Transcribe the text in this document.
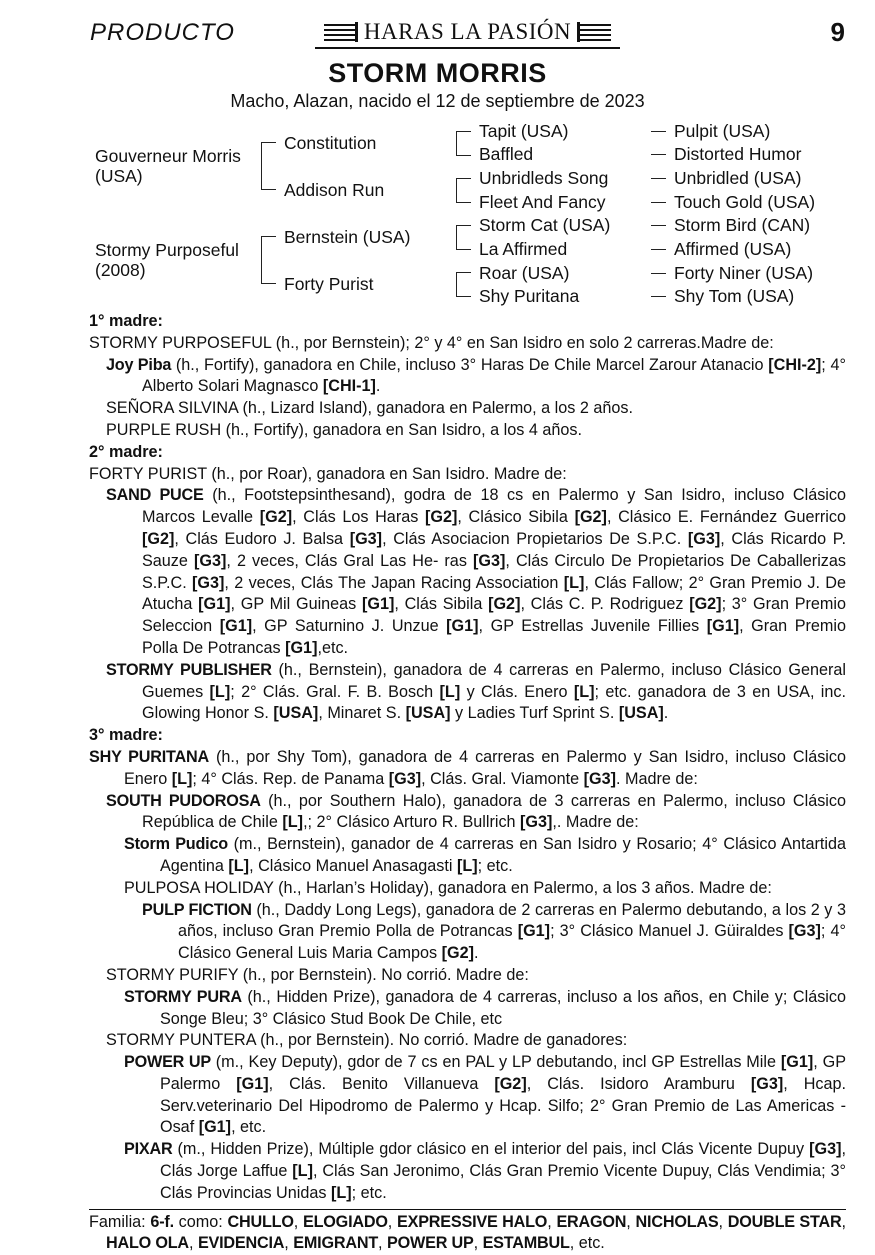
PRODUCTO	HARAS LA PASIÓN	9
STORM MORRIS
Macho, Alazan, nacido el 12 de septiembre de 2023
Gouverneur Morris
(USA)
Stormy Purposeful
(2008)
Constitution
Addison Run
Bernstein (USA)
Forty Purist
Tapit (USA)
Baffled
Unbridleds Song
Fleet And Fancy
Storm Cat (USA)
La Affirmed
Roar (USA)
Shy Puritana
Pulpit (USA)
Distorted Humor
Unbridled (USA)
Touch Gold (USA)
Storm Bird (CAN)
Affirmed (USA)
Forty Niner (USA)
Shy Tom (USA)

1° madre:

STORMY PURPOSEFUL (h., por Bernstein); 2° y 4° en San Isidro en solo 2 carreras.Madre de:

Joy Piba (h., Fortify), ganadora en Chile, incluso 3° Haras De Chile Marcel Zarour Atanacio [CHI-2]; 4° Alberto Solari Magnasco [CHI-1].

SEÑORA SILVINA (h., Lizard Island), ganadora en Palermo, a los 2 años.

PURPLE RUSH (h., Fortify), ganadora en San Isidro, a los 4 años.

2° madre:

FORTY PURIST (h., por Roar), ganadora en San Isidro. Madre de:

SAND PUCE (h., Footstepsinthesand), godra de 18 cs en Palermo y San Isidro, incluso Clásico Marcos Levalle [G2], Clás Los Haras [G2], Clásico Sibila [G2], Clásico E. Fernández Guerrico [G2], Clás Eudoro J. Balsa [G3], Clás Asociacion Propietarios De S.P.C. [G3], Clás Ricardo P. Sauze [G3], 2 veces, Clás Gral Las He- ras [G3], Clás Circulo De Propietarios De Caballerizas S.P.C. [G3], 2 veces, Clás The Japan Racing Association [L], Clás Fallow; 2° Gran Premio J. De Atucha [G1], GP Mil Guineas [G1], Clás Sibila [G2], Clás C. P. Rodriguez [G2]; 3° Gran Premio Seleccion [G1], GP Saturnino J. Unzue [G1], GP Estrellas Juvenile Fillies [G1], Gran Premio Polla De Potrancas [G1],etc.

STORMY PUBLISHER (h., Bernstein), ganadora de 4 carreras en Palermo, incluso Clásico General Guemes [L]; 2° Clás. Gral. F. B. Bosch [L] y Clás. Enero [L]; etc. ganadora de 3 en USA, inc. Glowing Honor S. [USA], Minaret S. [USA] y Ladies Turf Sprint S. [USA].

3° madre:

SHY PURITANA (h., por Shy Tom), ganadora de 4 carreras en Palermo y San Isidro, incluso Clásico Enero [L]; 4° Clás. Rep. de Panama [G3], Clás. Gral. Viamonte [G3]. Madre de:

SOUTH PUDOROSA (h., por Southern Halo), ganadora de 3 carreras en Palermo, incluso Clásico República de Chile [L],; 2° Clásico Arturo R. Bullrich [G3],. Madre de:

Storm Pudico (m., Bernstein), ganador de 4 carreras en San Isidro y Rosario; 4° Clásico Antartida Agentina [L], Clásico Manuel Anasagasti [L]; etc.

PULPOSA HOLIDAY (h., Harlan’s Holiday), ganadora en Palermo, a los 3 años. Madre de:

PULP FICTION (h., Daddy Long Legs), ganadora de 2 carreras en Palermo debutando, a los 2 y 3 años, incluso Gran Premio Polla de Potrancas [G1]; 3° Clásico Manuel J. Güiraldes [G3]; 4° Clásico General Luis Maria Campos [G2].

STORMY PURIFY (h., por Bernstein). No corrió. Madre de:

STORMY PURA (h., Hidden Prize), ganadora de 4 carreras, incluso a los años, en Chile y; Clásico Songe Bleu; 3° Clásico Stud Book De Chile, etc

STORMY PUNTERA (h., por Bernstein). No corrió. Madre de ganadores:

POWER UP (m., Key Deputy), gdor de 7 cs en PAL y LP debutando, incl GP Estrellas Mile [G1], GP Palermo [G1], Clás. Benito Villanueva [G2], Clás. Isidoro Aramburu [G3], Hcap. Serv.veterinario Del Hipodromo de Palermo y Hcap. Silfo; 2° Gran Premio de Las Americas - Osaf [G1], etc.

PIXAR (m., Hidden Prize), Múltiple gdor clásico en el interior del pais, incl Clás Vicente Dupuy [G3], Clás Jorge Laffue [L], Clás San Jeronimo, Clás Gran Premio Vicente Dupuy, Clás Vendimia; 3° Clás Provincias Unidas [L]; etc.

Familia: 6-f. como: CHULLO, ELOGIADO, EXPRESSIVE HALO, ERAGON, NICHOLAS, DOUBLE STAR, HALO OLA, EVIDENCIA, EMIGRANT, POWER UP, ESTAMBUL, etc.
